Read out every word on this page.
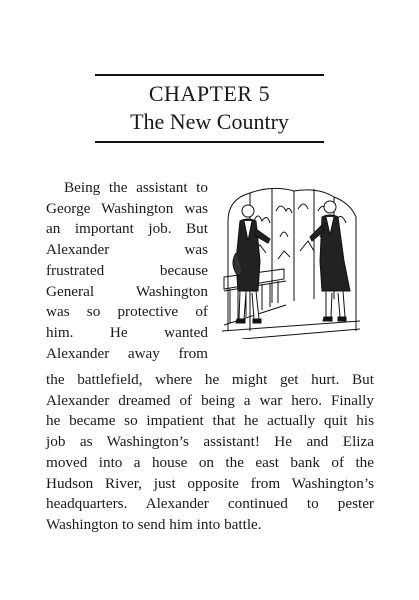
CHAPTER 5
The New Country
Being the assistant to
George Washington was
an important job. But
Alexander was
frustrated because
General Washington
was so protective of
him. He wanted
Alexander away from
the battlefield, where he might get hurt. But
Alexander dreamed of being a war hero. Finally
he became so impatient that he actually quit his
job as Washington’s assistant! He and Eliza
moved into a house on the east bank of the
Hudson River, just opposite from Washington’s
headquarters. Alexander continued to pester
Washington to send him into battle.
